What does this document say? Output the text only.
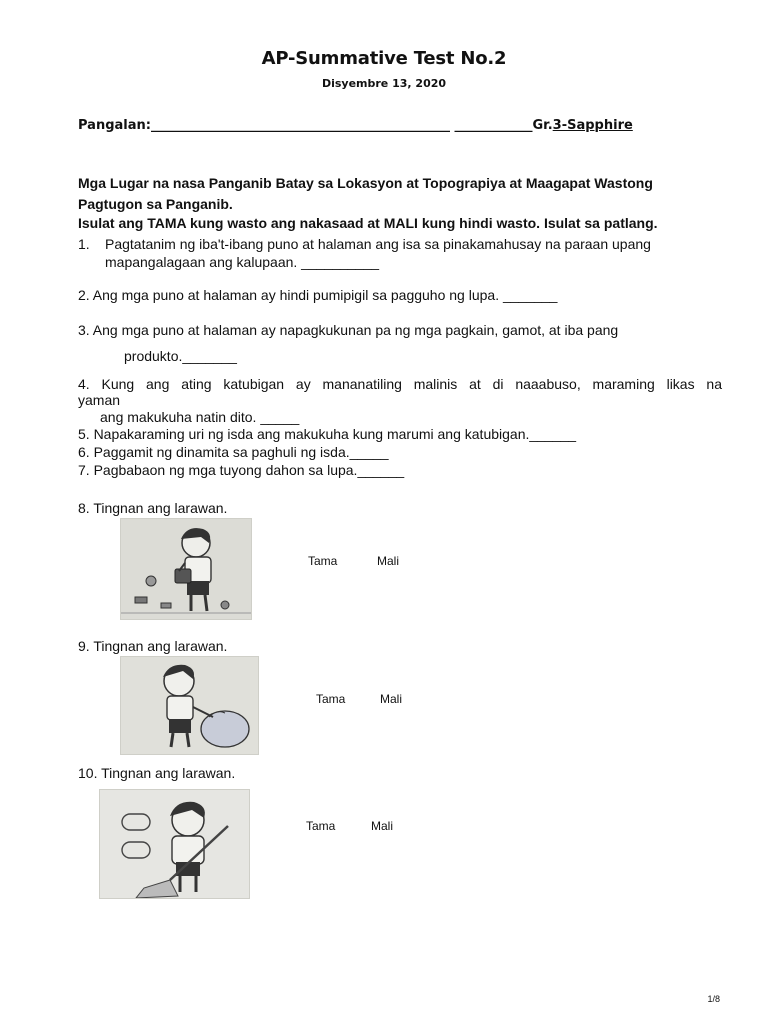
AP-Summative Test No.2
Disyembre 13, 2020
Pangalan:______________________________________________ ____________Gr.3-Sapphire
Mga Lugar na nasa Panganib Batay sa Lokasyon at Topograpiya at Maagapat Wastong
Pagtugon sa Panganib.
Isulat ang TAMA kung wasto ang nakasaad at MALI kung hindi wasto. Isulat sa patlang.
1. Pagtatanim ng iba't-ibang puno at halaman ang isa sa pinakamahusay na paraan upang
mapangalagaan ang kalupaan. __________
2. Ang mga puno at halaman ay hindi pumipigil sa pagguho ng lupa. _______
3. Ang mga puno at halaman ay napagkukunan pa ng mga pagkain, gamot, at iba pang
produkto._______
4. Kung ang ating katubigan ay mananatiling malinis at di naaabuso, maraming likas na
yaman
ang makukuha natin dito. _____
5. Napakaraming uri ng isda ang makukuha kung marumi ang katubigan.______
6. Paggamit ng dinamita sa paghuli ng isda._____
7. Pagbabaon ng mga tuyong dahon sa lupa.______
8. Tingnan ang larawan.
Tama	Mali
9. Tingnan ang larawan.
Tama	Mali
10. Tingnan ang larawan.
Tama	Mali
1/8
